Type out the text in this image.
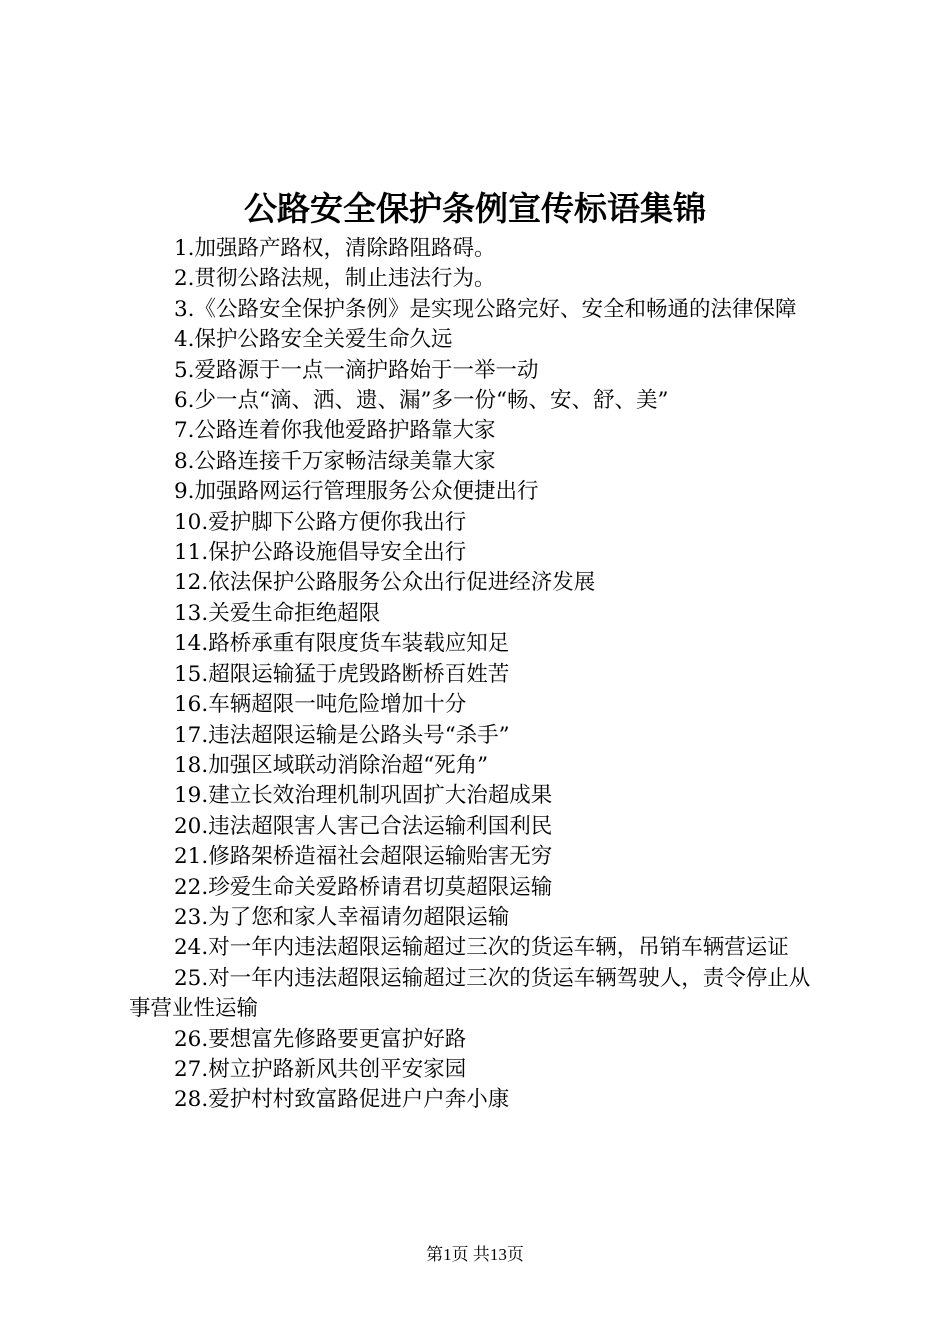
公路安全保护条例宣传标语集锦

1.加强路产路权，清除路阻路碍。

2.贯彻公路法规，制止违法行为。

3.《公路安全保护条例》是实现公路完好、安全和畅通的法律保障

4.保护公路安全关爱生命久远

5.爱路源于一点一滴护路始于一举一动

6.少一点“滴、洒、遗、漏”多一份“畅、安、舒、美”

7.公路连着你我他爱路护路靠大家

8.公路连接千万家畅洁绿美靠大家

9.加强路网运行管理服务公众便捷出行

10.爱护脚下公路方便你我出行

11.保护公路设施倡导安全出行

12.依法保护公路服务公众出行促进经济发展

13.关爱生命拒绝超限

14.路桥承重有限度货车装载应知足

15.超限运输猛于虎毁路断桥百姓苦

16.车辆超限一吨危险增加十分

17.违法超限运输是公路头号“杀手”

18.加强区域联动消除治超“死角”

19.建立长效治理机制巩固扩大治超成果

20.违法超限害人害己合法运输利国利民

21.修路架桥造福社会超限运输贻害无穷

22.珍爱生命关爱路桥请君切莫超限运输

23.为了您和家人幸福请勿超限运输

24.对一年内违法超限运输超过三次的货运车辆，吊销车辆营运证

25.对一年内违法超限运输超过三次的货运车辆驾驶人，责令停止从事营业性运输

26.要想富先修路要更富护好路

27.树立护路新风共创平安家园

28.爱护村村致富路促进户户奔小康

第1页 共13页
